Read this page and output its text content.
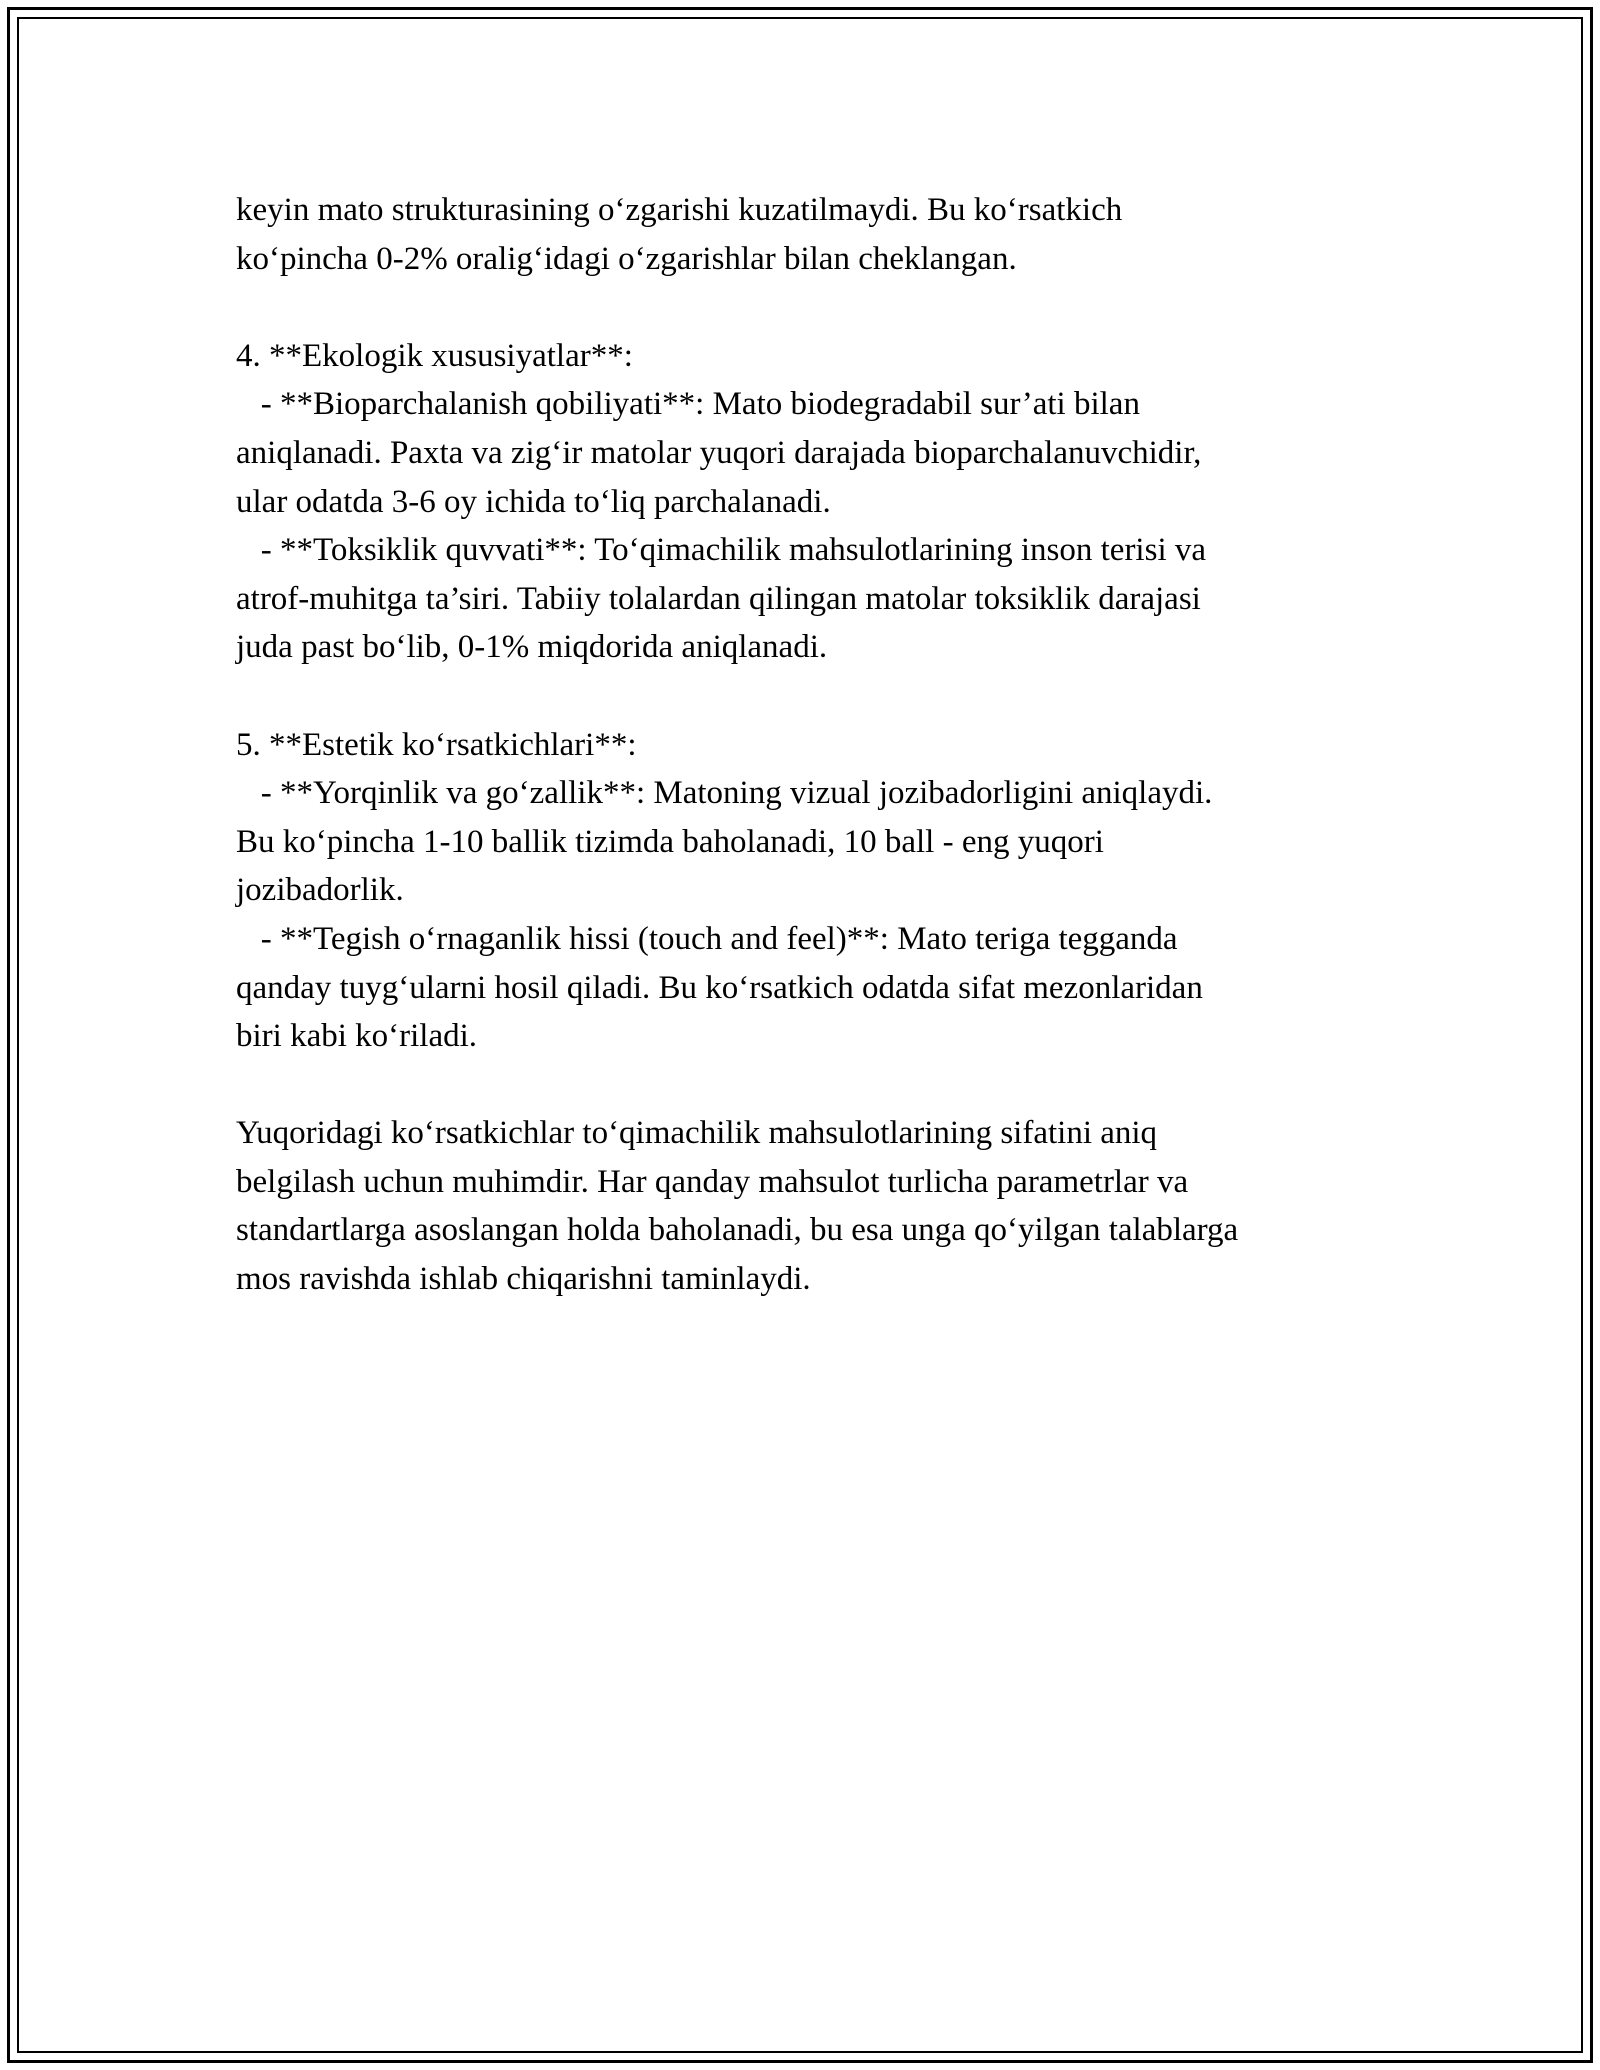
keyin mato strukturasining o‘zgarishi kuzatilmaydi. Bu ko‘rsatkich

ko‘pincha 0-2% oralig‘idagi o‘zgarishlar bilan cheklangan.

4. **Ekologik xususiyatlar**:

- **Bioparchalanish qobiliyati**: Mato biodegradabil sur’ati bilan

aniqlanadi. Paxta va zig‘ir matolar yuqori darajada bioparchalanuvchidir,

ular odatda 3-6 oy ichida to‘liq parchalanadi.

- **Toksiklik quvvati**: To‘qimachilik mahsulotlarining inson terisi va

atrof-muhitga ta’siri. Tabiiy tolalardan qilingan matolar toksiklik darajasi

juda past bo‘lib, 0-1% miqdorida aniqlanadi.

5. **Estetik ko‘rsatkichlari**:

- **Yorqinlik va go‘zallik**: Matoning vizual jozibadorligini aniqlaydi.

Bu ko‘pincha 1-10 ballik tizimda baholanadi, 10 ball - eng yuqori

jozibadorlik.

- **Tegish o‘rnaganlik hissi (touch and feel)**: Mato teriga tegganda

qanday tuyg‘ularni hosil qiladi. Bu ko‘rsatkich odatda sifat mezonlaridan

biri kabi ko‘riladi.

Yuqoridagi ko‘rsatkichlar to‘qimachilik mahsulotlarining sifatini aniq

belgilash uchun muhimdir. Har qanday mahsulot turlicha parametrlar va

standartlarga asoslangan holda baholanadi, bu esa unga qo‘yilgan talablarga

mos ravishda ishlab chiqarishni taminlaydi.
